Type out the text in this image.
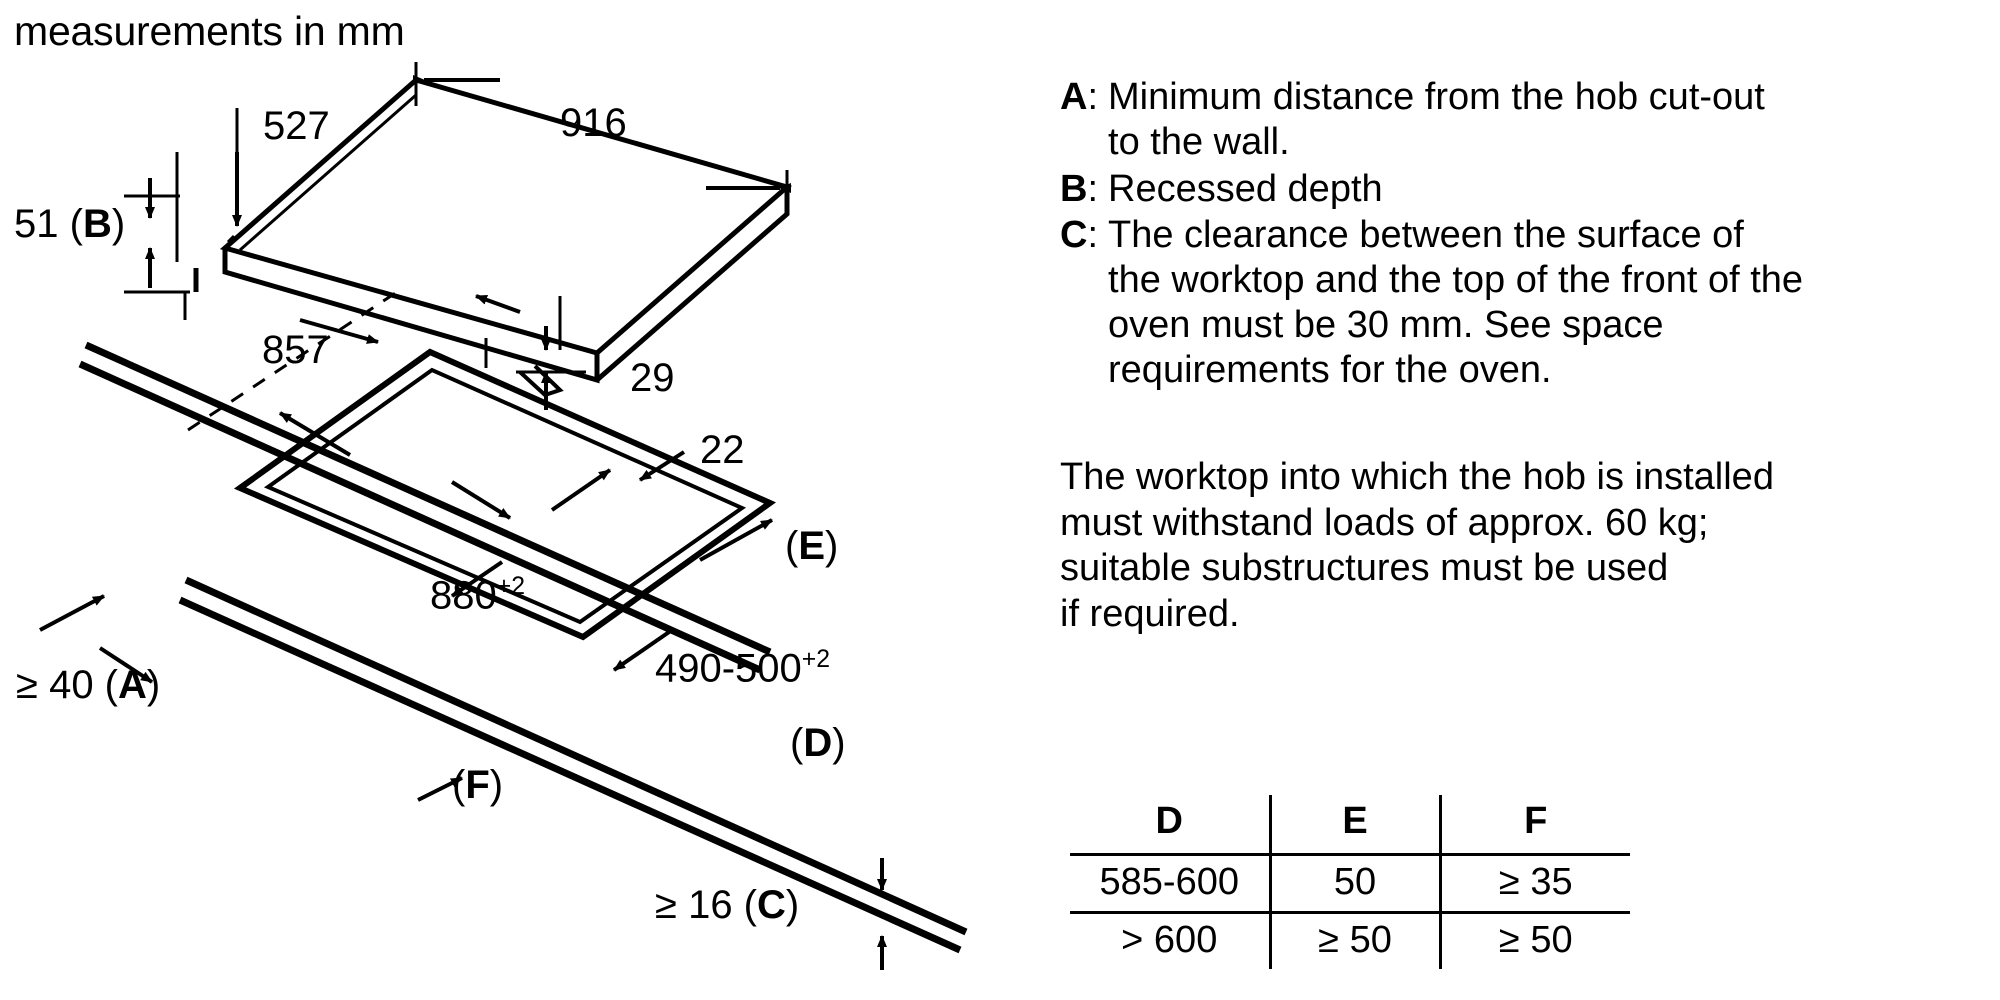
measurements in mm
527	916
51 (B)
857
29
22
$880^{+2}$
$490-500^{+2}$
(E)
(D)
(F)
≥ 40 (A)
≥ 16 (C)
A : Minimum distance from the hob cut-out
to the wall.
B : Recessed depth
C : The clearance between the surface of
the worktop and the top of the front of the
oven must be 30 mm. See space
requirements for the oven.

The worktop into which the hob is installed

must withstand loads of approx. 60 kg;

suitable substructures must be used

if required.

D	E	F
585-600	50	≥ 35
> 600	≥ 50	≥ 50
